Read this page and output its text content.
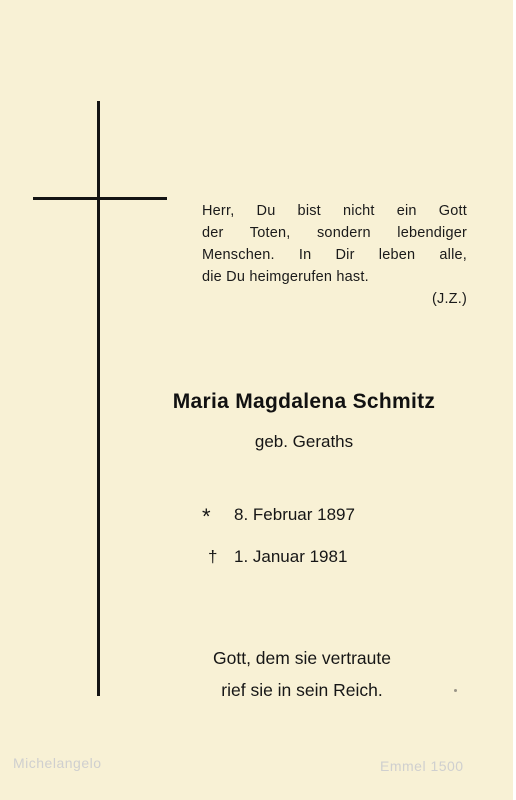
Herr, Du bist nicht ein Gott
der Toten, sondern lebendiger
Menschen. In Dir leben alle,
die Du heimgerufen hast.
(J.Z.)
Maria Magdalena Schmitz
geb. Geraths
* 8. Februar 1897
† 1. Januar 1981
Gott, dem sie vertraute
rief sie in sein Reich.
Michelangelo	Emmel 1500
